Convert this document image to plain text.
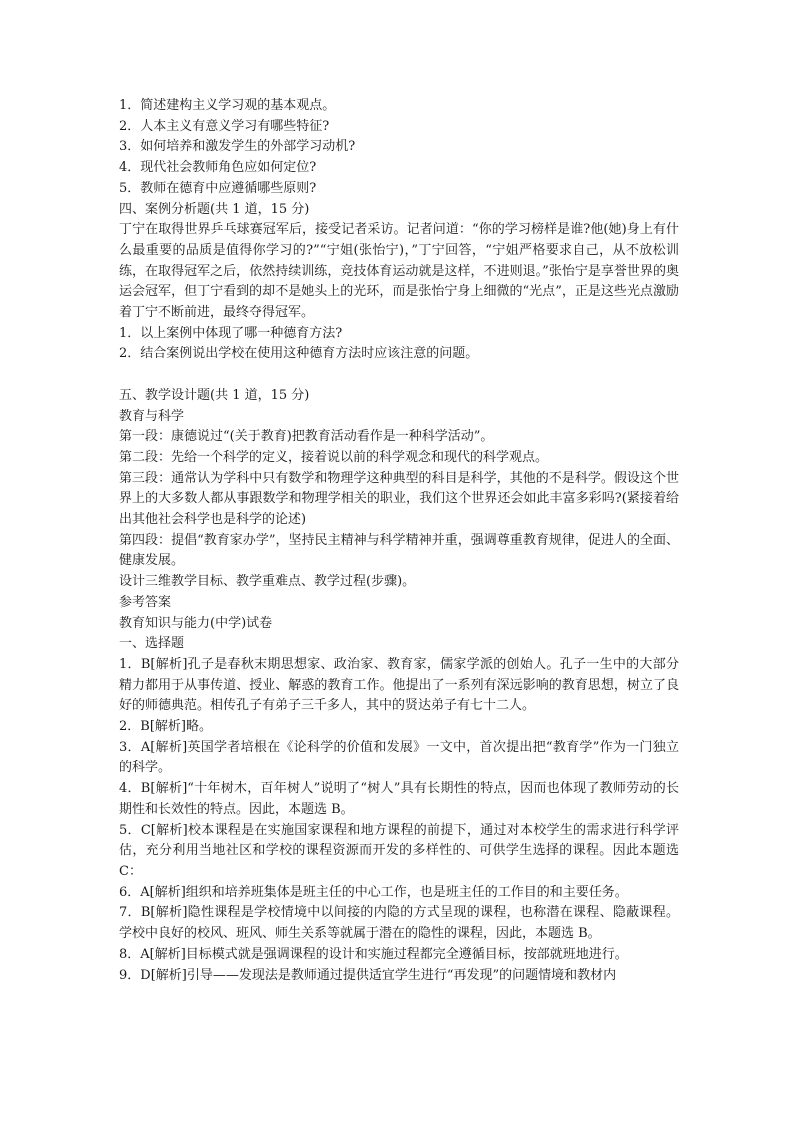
1．简述建构主义学习观的基本观点。

2．人本主义有意义学习有哪些特征?

3．如何培养和激发学生的外部学习动机?

4．现代社会教师角色应如何定位?

5．教师在德育中应遵循哪些原则?

四、案例分析题(共 1 道，15 分)

丁宁在取得世界乒乓球赛冠军后，接受记者采访。记者问道：“你的学习榜样是谁?他(她)身上有什么最重要的品质是值得你学习的?”“宁姐(张怡宁)，”丁宁回答，“宁姐严格要求自己，从不放松训练，在取得冠军之后，依然持续训练，竞技体育运动就是这样，不进则退。”张怡宁是享誉世界的奥运会冠军，但丁宁看到的却不是她头上的光环，而是张怡宁身上细微的“光点”，正是这些光点激励着丁宁不断前进，最终夺得冠军。

1．以上案例中体现了哪一种德育方法?

2．结合案例说出学校在使用这种德育方法时应该注意的问题。

五、教学设计题(共 1 道，15 分)

教育与科学

第一段：康德说过“(关于教育)把教育活动看作是一种科学活动”。

第二段：先给一个科学的定义，接着说以前的科学观念和现代的科学观点。

第三段：通常认为学科中只有数学和物理学这种典型的科目是科学，其他的不是科学。假设这个世界上的大多数人都从事跟数学和物理学相关的职业，我们这个世界还会如此丰富多彩吗?(紧接着给出其他社会科学也是科学的论述)

第四段：提倡“教育家办学”，坚持民主精神与科学精神并重，强调尊重教育规律，促进人的全面、健康发展。

设计三维教学目标、教学重难点、教学过程(步骤)。

参考答案

教育知识与能力(中学)试卷

一、选择题

1．B[解析]孔子是春秋末期思想家、政治家、教育家，儒家学派的创始人。孔子一生中的大部分精力都用于从事传道、授业、解惑的教育工作。他提出了一系列有深远影响的教育思想，树立了良好的师德典范。相传孔子有弟子三千多人，其中的贤达弟子有七十二人。

2．B[解析]略。

3．A[解析]英国学者培根在《论科学的价值和发展》一文中，首次提出把“教育学”作为一门独立的科学。

4．B[解析]“十年树木，百年树人”说明了“树人”具有长期性的特点，因而也体现了教师劳动的长期性和长效性的特点。因此，本题选 B。

5．C[解析]校本课程是在实施国家课程和地方课程的前提下，通过对本校学生的需求进行科学评估，充分利用当地社区和学校的课程资源而开发的多样性的、可供学生选择的课程。因此本题选 C：

6．A[解析]组织和培养班集体是班主任的中心工作，也是班主任的工作目的和主要任务。

7．B[解析]隐性课程是学校情境中以间接的内隐的方式呈现的课程，也称潜在课程、隐蔽课程。学校中良好的校风、班风、师生关系等就属于潜在的隐性的课程，因此，本题选 B。

8．A[解析]目标模式就是强调课程的设计和实施过程都完全遵循目标，按部就班地进行。

9．D[解析]引导——发现法是教师通过提供适宜学生进行“再发现”的问题情境和教材内
